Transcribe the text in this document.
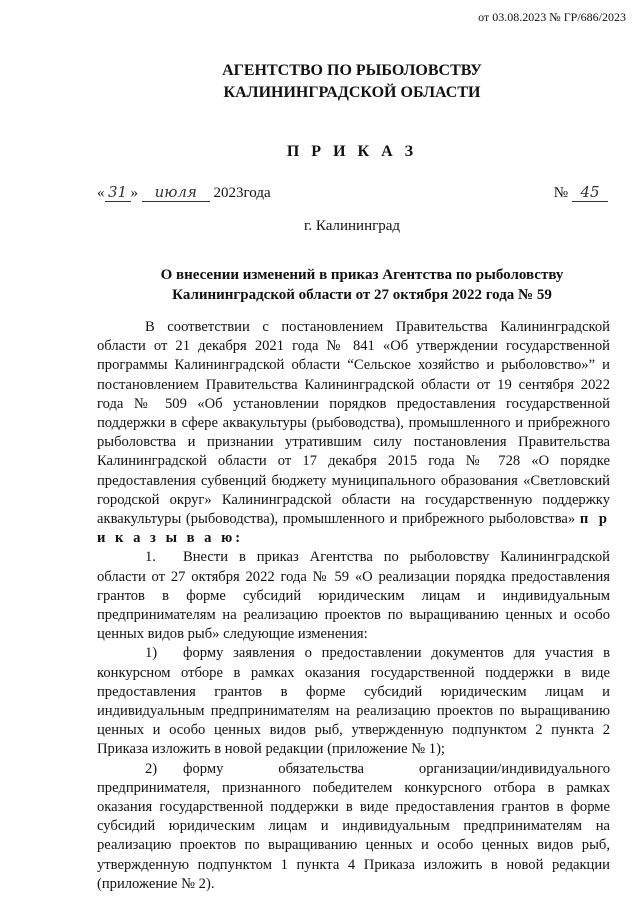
от 03.08.2023 № ГР/686/2023
АГЕНТСТВО ПО РЫБОЛОВСТВУ
КАЛИНИНГРАДСКОЙ ОБЛАСТИ
П Р И К А З
« 31 » июля 2023года	№ 45
г. Калининград
О внесении изменений в приказ Агентства по рыболовству
Калининградской области от 27 октября 2022 года № 59

В соответствии с постановлением Правительства Калининградской области от 21 декабря 2021 года № 841 «Об утверждении государственной программы Калининградской области “Сельское хозяйство и рыболовство»” и постановлением Правительства Калининградской области от 19 сентября 2022 года № 509 «Об установлении порядков предоставления государственной поддержки в сфере аквакультуры (рыбоводства), промышленного и прибрежного рыболовства и признании утратившим силу постановления Правительства Калининградской области от 17 декабря 2015 года № 728 «О порядке предоставления субвенций бюджету муниципального образования «Светловский городской округ» Калининградской области на государственную поддержку аквакультуры (рыбоводства), промышленного и прибрежного рыболовства» п р и к а з ы в а ю:

1. Внести в приказ Агентства по рыболовству Калининградской области от 27 октября 2022 года № 59 «О реализации порядка предоставления грантов в форме субсидий юридическим лицам и индивидуальным предпринимателям на реализацию проектов по выращиванию ценных и особо ценных видов рыб» следующие изменения:

1) форму заявления о предоставлении документов для участия в конкурсном отборе в рамках оказания государственной поддержки в виде предоставления грантов в форме субсидий юридическим лицам и индивидуальным предпринимателям на реализацию проектов по выращиванию ценных и особо ценных видов рыб, утвержденную подпунктом 2 пункта 2 Приказа изложить в новой редакции (приложение № 1);

2) форму обязательства организации/индивидуального предпринимателя, признанного победителем конкурсного отбора в рамках оказания государственной поддержки в виде предоставления грантов в форме субсидий юридическим лицам и индивидуальным предпринимателям на реализацию проектов по выращиванию ценных и особо ценных видов рыб, утвержденную подпунктом 1 пункта 4 Приказа изложить в новой редакции (приложение № 2).
